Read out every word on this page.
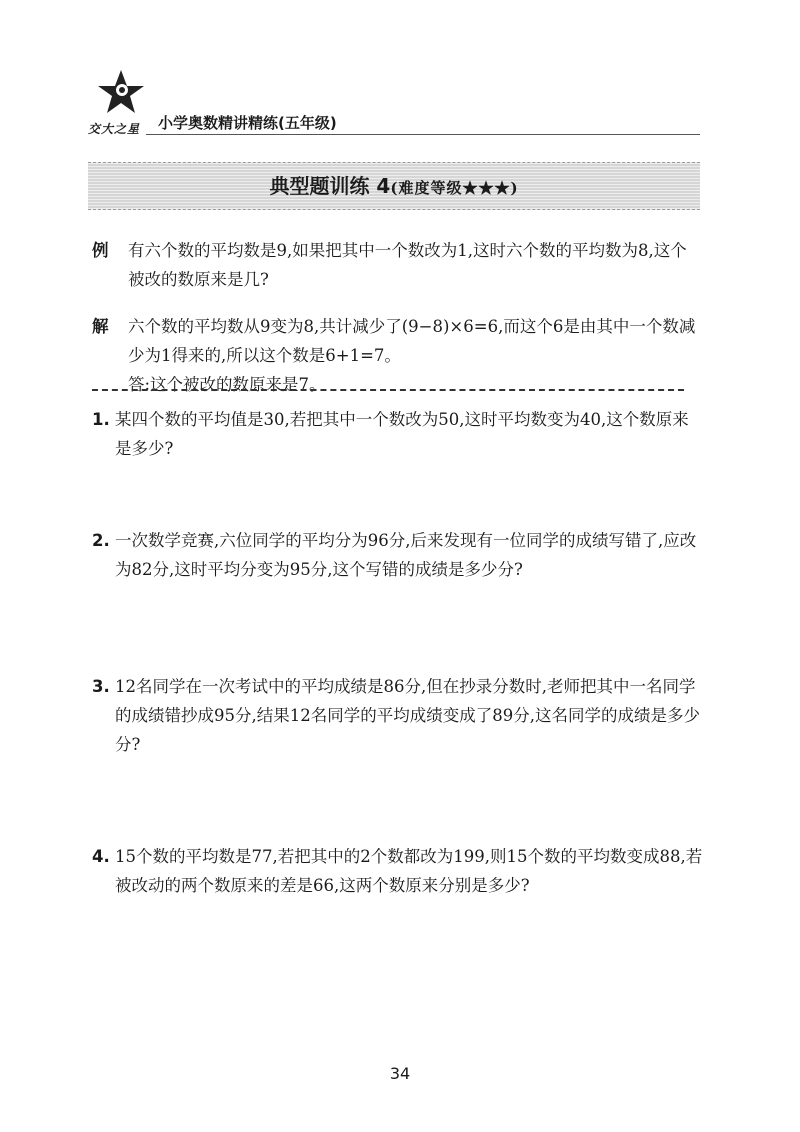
交大之星 小学奥数精讲精练(五年级)
典型题训练 4(难度等级★★★)
例 有六个数的平均数是9,如果把其中一个数改为1,这时六个数的平均数为8,这个被改的数原来是几?
解 六个数的平均数从9变为8,共计减少了(9−8)×6=6,而这个6是由其中一个数减少为1得来的,所以这个数是6+1=7。
答:这个被改的数原来是7。
1. 某四个数的平均值是30,若把其中一个数改为50,这时平均数变为40,这个数原来是多少?
2. 一次数学竞赛,六位同学的平均分为96分,后来发现有一位同学的成绩写错了,应改为82分,这时平均分变为95分,这个写错的成绩是多少分?
3. 12名同学在一次考试中的平均成绩是86分,但在抄录分数时,老师把其中一名同学的成绩错抄成95分,结果12名同学的平均成绩变成了89分,这名同学的成绩是多少分?
4. 15个数的平均数是77,若把其中的2个数都改为199,则15个数的平均数变成88,若被改动的两个数原来的差是66,这两个数原来分别是多少?
34
